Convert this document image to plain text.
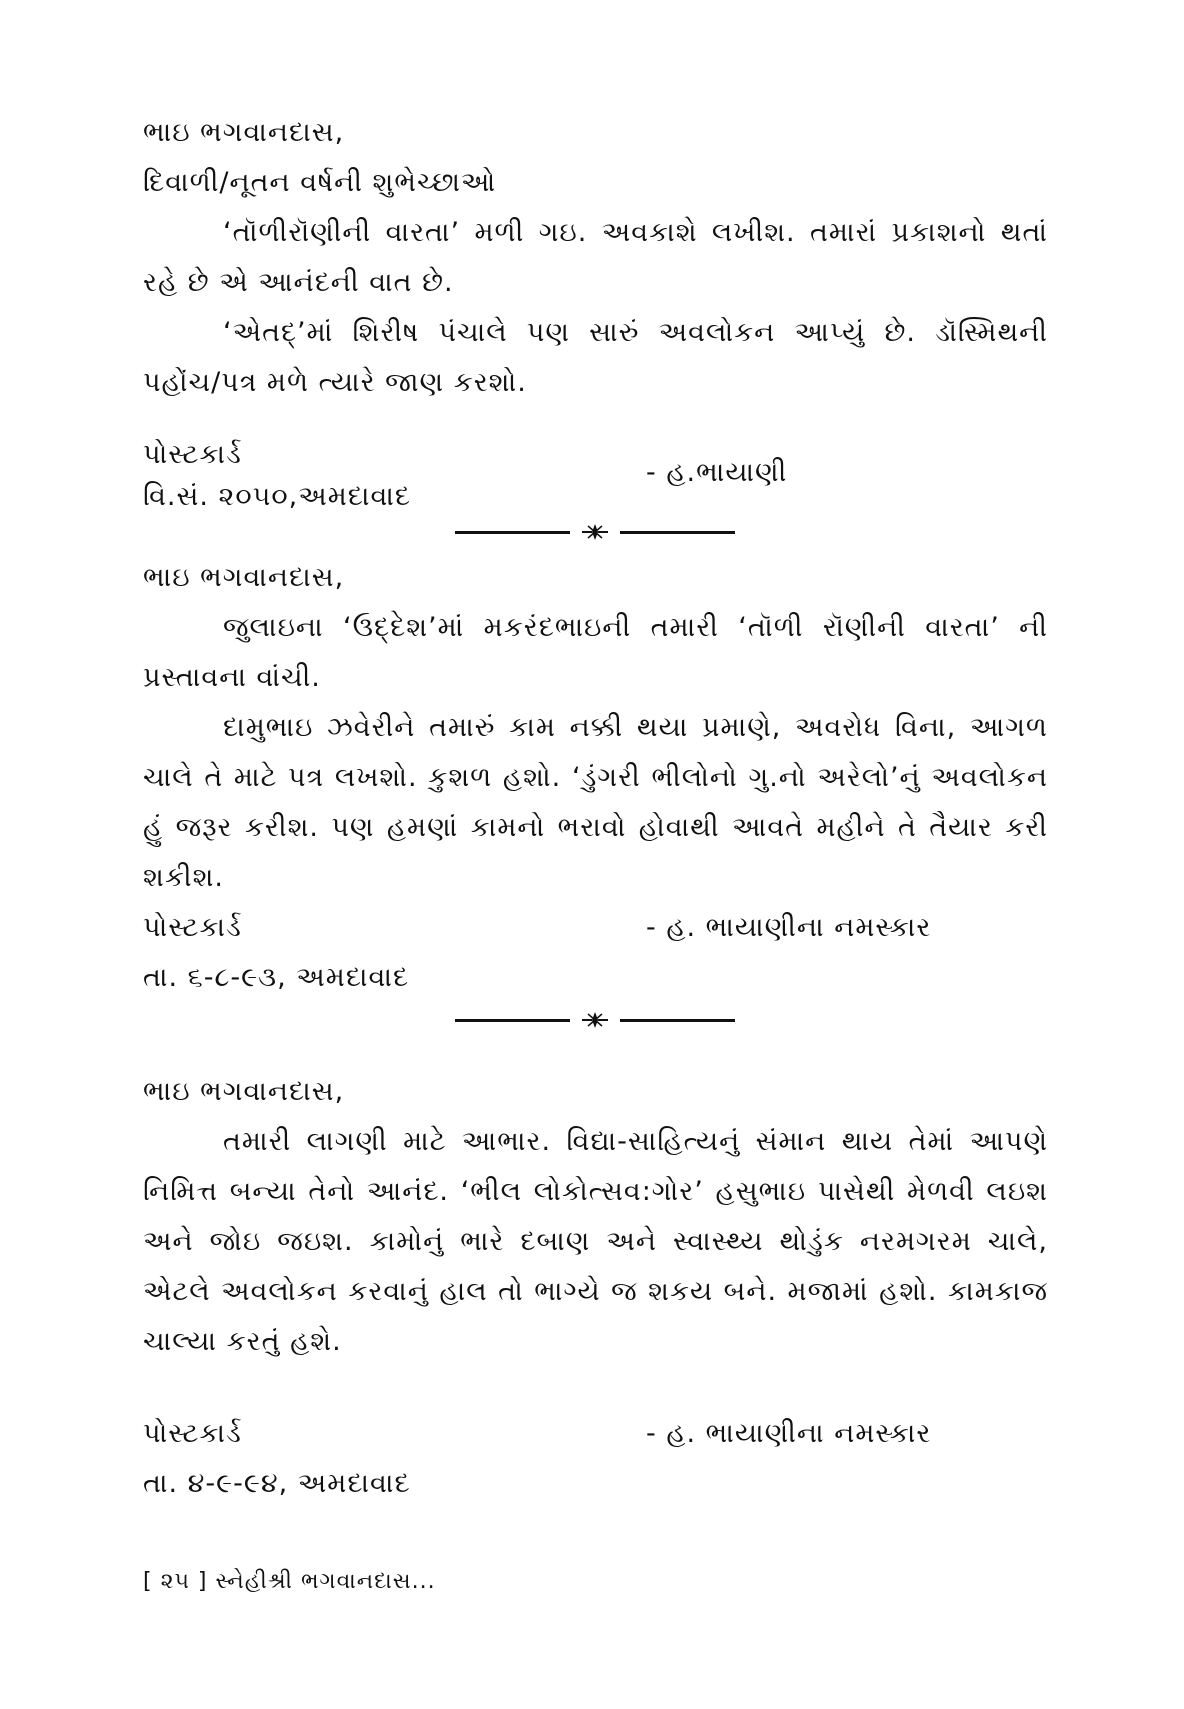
ભાઇ ભગવાનદાસ,
દિવાળી/નૂતન વર્ષની શુભેચ્છાઓ
‘તૉળીરૉણીની વારતા’ મળી ગઇ. અવકાશે લખીશ. તમારાં પ્રકાશનો થતાં રહે છે એ આનંદની વાત છે.
‘એતદ્’માં શિરીષ પંચાલે પણ સારું અવલોકન આપ્યું છે. ડૉસ્મિથની પહોંચ/પત્ર મળે ત્યારે જાણ કરશો.
પોસ્ટકાર્ડ
- હ.ભાયાણી
વિ.સં. ૨૦૫૦,અમદાવાદ
ભાઇ ભગવાનદાસ,
જુલાઇના ‘ઉદ્દેશ’માં મકરંદભાઇની તમારી ‘તૉળી રૉણીની વારતા’ ની પ્રસ્તાવના વાંચી.
દામુભાઇ ઝવેરીને તમારું કામ નક્કી થયા પ્રમાણે, અવરોધ વિના, આગળ ચાલે તે માટે પત્ર લખશો. કુશળ હશો. ‘ડુંગરી ભીલોનો ગુ.નો અરેલો’નું અવલોકન હું જરૂર કરીશ. પણ હમણાં કામનો ભરાવો હોવાથી આવતે મહીને તે તૈયાર કરી શકીશ.
પોસ્ટકાર્ડ	- હ. ભાયાણીના નમસ્કાર
તા. ૬-૮-૯૩, અમદાવાદ
ભાઇ ભગવાનદાસ,
તમારી લાગણી માટે આભાર. વિદ્યા-સાહિત્યનું સંમાન થાય તેમાં આપણે નિમિત્ત બન્યા તેનો આનંદ. ‘ભીલ લોકોત્સવ:ગોર’ હસુભાઇ પાસેથી મેળવી લઇશ અને જોઇ જઇશ. કામોનું ભારે દબાણ અને સ્વાસ્થ્ય થોડુંક નરમગરમ ચાલે, એટલે અવલોકન કરવાનું હાલ તો ભાગ્યે જ શકય બને. મજામાં હશો. કામકાજ ચાલ્યા કરતું હશે.
પોસ્ટકાર્ડ	- હ. ભાયાણીના નમસ્કાર
તા. ૪-૯-૯૪, અમદાવાદ
[ ૨૫ ] સ્નેહીશ્રી ભગવાનદાસ...
